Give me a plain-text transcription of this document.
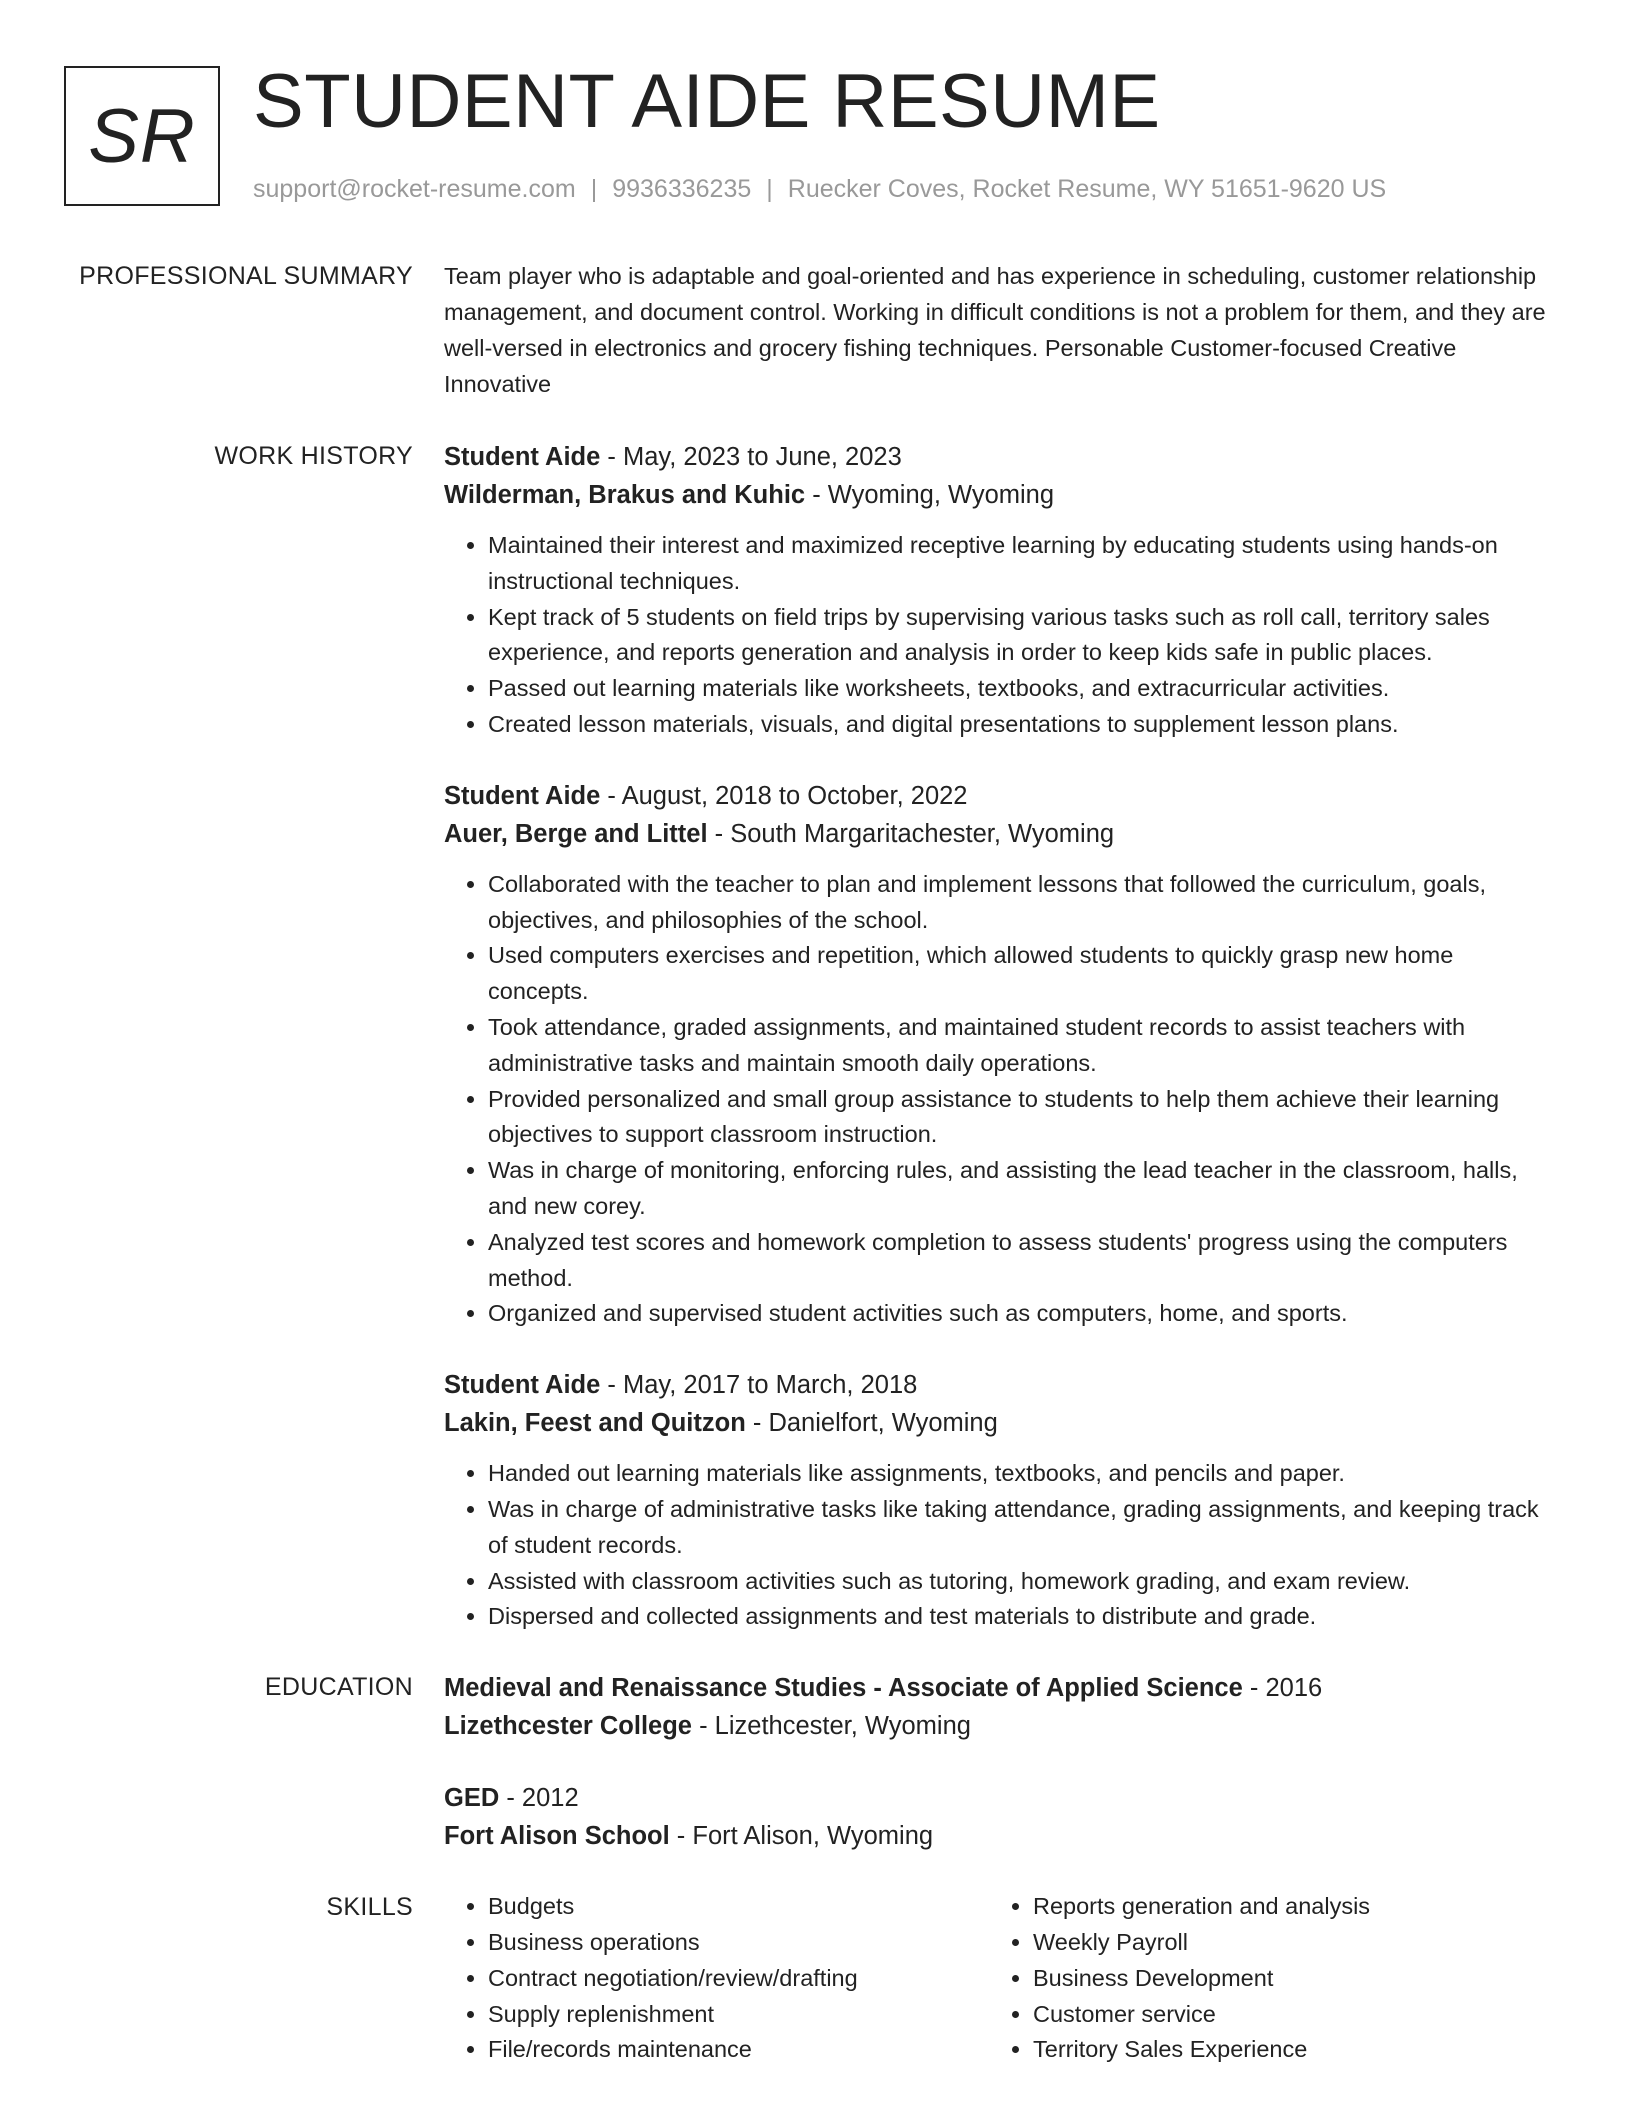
SR STUDENT AIDE RESUME
support@rocket-resume.com | 9936336235 | Ruecker Coves, Rocket Resume, WY 51651-9620 US
PROFESSIONAL SUMMARY Team player who is adaptable and goal-oriented and has experience in scheduling, customer relationship management, and document control. Working in difficult conditions is not a problem for them, and they are well-versed in electronics and grocery fishing techniques. Personable Customer-focused Creative Innovative

WORK HISTORY Student Aide - May, 2023 to June, 2023

Wilderman, Brakus and Kuhic - Wyoming, Wyoming

• Maintained their interest and maximized receptive learning by educating students using hands-on instructional techniques.
• Kept track of 5 students on field trips by supervising various tasks such as roll call, territory sales experience, and reports generation and analysis in order to keep kids safe in public places.
• Passed out learning materials like worksheets, textbooks, and extracurricular activities.
• Created lesson materials, visuals, and digital presentations to supplement lesson plans.

Student Aide - August, 2018 to October, 2022

Auer, Berge and Littel - South Margaritachester, Wyoming

• Collaborated with the teacher to plan and implement lessons that followed the curriculum, goals, objectives, and philosophies of the school.
• Used computers exercises and repetition, which allowed students to quickly grasp new home concepts.
• Took attendance, graded assignments, and maintained student records to assist teachers with administrative tasks and maintain smooth daily operations.
• Provided personalized and small group assistance to students to help them achieve their learning objectives to support classroom instruction.
• Was in charge of monitoring, enforcing rules, and assisting the lead teacher in the classroom, halls, and new corey.
• Analyzed test scores and homework completion to assess students' progress using the computers method.
• Organized and supervised student activities such as computers, home, and sports.

Student Aide - May, 2017 to March, 2018

Lakin, Feest and Quitzon - Danielfort, Wyoming

• Handed out learning materials like assignments, textbooks, and pencils and paper.
• Was in charge of administrative tasks like taking attendance, grading assignments, and keeping track of student records.
• Assisted with classroom activities such as tutoring, homework grading, and exam review.
• Dispersed and collected assignments and test materials to distribute and grade.
EDUCATION Medieval and Renaissance Studies - Associate of Applied Science - 2016

Lizethcester College - Lizethcester, Wyoming

GED - 2012

Fort Alison School - Fort Alison, Wyoming

SKILLS
•	Budgets
• Business operations
• Contract negotiation/review/drafting
• Supply replenishment
• File/records maintenance
• Reports generation and analysis
• Weekly Payroll
• Business Development
• Customer service
• Territory Sales Experience
